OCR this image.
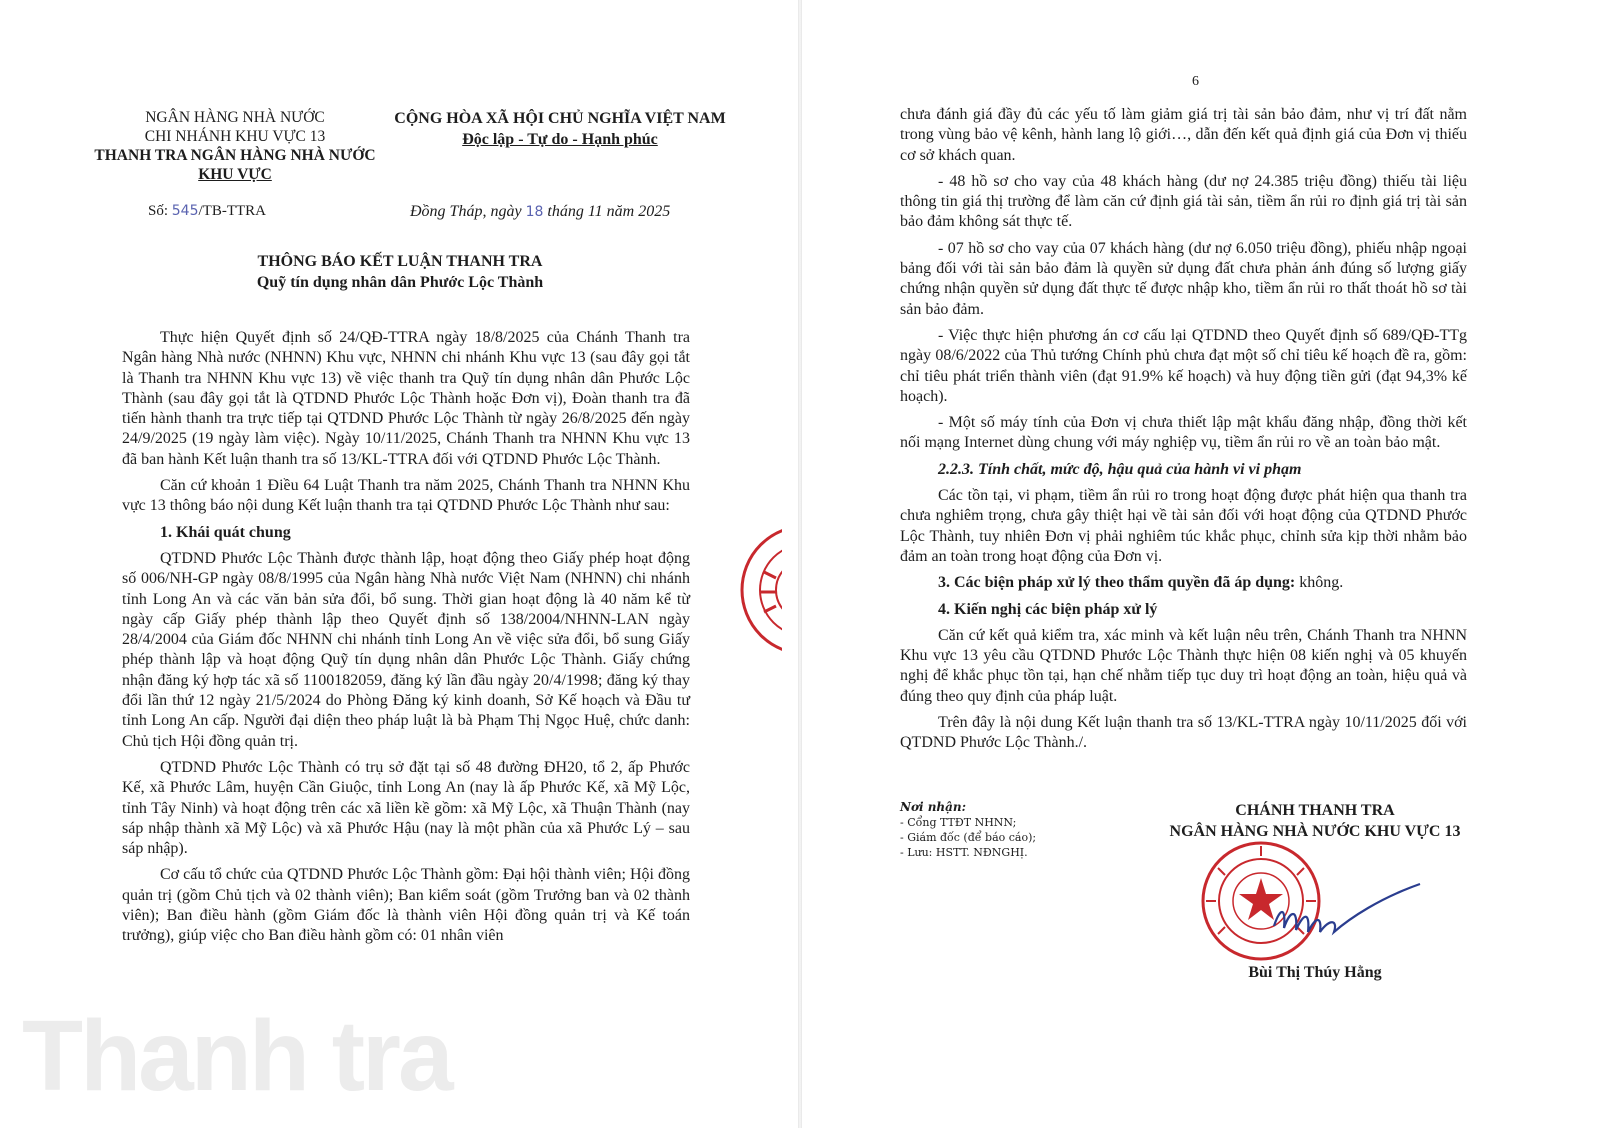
NGÂN HÀNG NHÀ NƯỚC
CHI NHÁNH KHU VỰC 13
THANH TRA NGÂN HÀNG NHÀ NƯỚC
KHU VỰC
CỘNG HÒA XÃ HỘI CHỦ NGHĨA VIỆT NAM
Độc lập - Tự do - Hạnh phúc
Số: 545/TB-TTRA	Đồng Tháp, ngày 18 tháng 11 năm 2025
THÔNG BÁO KẾT LUẬN THANH TRA
Quỹ tín dụng nhân dân Phước Lộc Thành

Thực hiện Quyết định số 24/QĐ-TTRA ngày 18/8/2025 của Chánh Thanh tra Ngân hàng Nhà nước (NHNN) Khu vực, NHNN chi nhánh Khu vực 13 (sau đây gọi tắt là Thanh tra NHNN Khu vực 13) về việc thanh tra Quỹ tín dụng nhân dân Phước Lộc Thành (sau đây gọi tắt là QTDND Phước Lộc Thành hoặc Đơn vị), Đoàn thanh tra đã tiến hành thanh tra trực tiếp tại QTDND Phước Lộc Thành từ ngày 26/8/2025 đến ngày 24/9/2025 (19 ngày làm việc). Ngày 10/11/2025, Chánh Thanh tra NHNN Khu vực 13 đã ban hành Kết luận thanh tra số 13/KL-TTRA đối với QTDND Phước Lộc Thành.

Căn cứ khoản 1 Điều 64 Luật Thanh tra năm 2025, Chánh Thanh tra NHNN Khu vực 13 thông báo nội dung Kết luận thanh tra tại QTDND Phước Lộc Thành như sau:

1. Khái quát chung

QTDND Phước Lộc Thành được thành lập, hoạt động theo Giấy phép hoạt động số 006/NH-GP ngày 08/8/1995 của Ngân hàng Nhà nước Việt Nam (NHNN) chi nhánh tỉnh Long An và các văn bản sửa đổi, bổ sung. Thời gian hoạt động là 40 năm kể từ ngày cấp Giấy phép thành lập theo Quyết định số 138/2004/NHNN-LAN ngày 28/4/2004 của Giám đốc NHNN chi nhánh tỉnh Long An về việc sửa đổi, bổ sung Giấy phép thành lập và hoạt động Quỹ tín dụng nhân dân Phước Lộc Thành. Giấy chứng nhận đăng ký hợp tác xã số 1100182059, đăng ký lần đầu ngày 20/4/1998; đăng ký thay đổi lần thứ 12 ngày 21/5/2024 do Phòng Đăng ký kinh doanh, Sở Kế hoạch và Đầu tư tỉnh Long An cấp. Người đại diện theo pháp luật là bà Phạm Thị Ngọc Huệ, chức danh: Chủ tịch Hội đồng quản trị.

QTDND Phước Lộc Thành có trụ sở đặt tại số 48 đường ĐH20, tổ 2, ấp Phước Kế, xã Phước Lâm, huyện Cần Giuộc, tỉnh Long An (nay là ấp Phước Kế, xã Mỹ Lộc, tỉnh Tây Ninh) và hoạt động trên các xã liền kề gồm: xã Mỹ Lộc, xã Thuận Thành (nay sáp nhập thành xã Mỹ Lộc) và xã Phước Hậu (nay là một phần của xã Phước Lý – sau sáp nhập).

Cơ cấu tổ chức của QTDND Phước Lộc Thành gồm: Đại hội thành viên; Hội đồng quản trị (gồm Chủ tịch và 02 thành viên); Ban kiểm soát (gồm Trưởng ban và 02 thành viên); Ban điều hành (gồm Giám đốc là thành viên Hội đồng quản trị và Kế toán trưởng), giúp việc cho Ban điều hành gồm có: 01 nhân viên

Thanh tra
6

chưa đánh giá đầy đủ các yếu tố làm giảm giá trị tài sản bảo đảm, như vị trí đất nằm trong vùng bảo vệ kênh, hành lang lộ giới…, dẫn đến kết quả định giá của Đơn vị thiếu cơ sở khách quan.

- 48 hồ sơ cho vay của 48 khách hàng (dư nợ 24.385 triệu đồng) thiếu tài liệu thông tin giá thị trường để làm căn cứ định giá tài sản, tiềm ẩn rủi ro định giá trị tài sản bảo đảm không sát thực tế.

- 07 hồ sơ cho vay của 07 khách hàng (dư nợ 6.050 triệu đồng), phiếu nhập ngoại bảng đối với tài sản bảo đảm là quyền sử dụng đất chưa phản ánh đúng số lượng giấy chứng nhận quyền sử dụng đất thực tế được nhập kho, tiềm ẩn rủi ro thất thoát hồ sơ tài sản bảo đảm.

- Việc thực hiện phương án cơ cấu lại QTDND theo Quyết định số 689/QĐ-TTg ngày 08/6/2022 của Thủ tướng Chính phủ chưa đạt một số chỉ tiêu kế hoạch đề ra, gồm: chỉ tiêu phát triển thành viên (đạt 91.9% kế hoạch) và huy động tiền gửi (đạt 94,3% kế hoạch).

- Một số máy tính của Đơn vị chưa thiết lập mật khẩu đăng nhập, đồng thời kết nối mạng Internet dùng chung với máy nghiệp vụ, tiềm ẩn rủi ro về an toàn bảo mật.

2.2.3. Tính chất, mức độ, hậu quả của hành vi vi phạm

Các tồn tại, vi phạm, tiềm ẩn rủi ro trong hoạt động được phát hiện qua thanh tra chưa nghiêm trọng, chưa gây thiệt hại về tài sản đối với hoạt động của QTDND Phước Lộc Thành, tuy nhiên Đơn vị phải nghiêm túc khắc phục, chỉnh sửa kịp thời nhằm bảo đảm an toàn trong hoạt động của Đơn vị.

3. Các biện pháp xử lý theo thẩm quyền đã áp dụng: không.

4. Kiến nghị các biện pháp xử lý

Căn cứ kết quả kiểm tra, xác minh và kết luận nêu trên, Chánh Thanh tra NHNN Khu vực 13 yêu cầu QTDND Phước Lộc Thành thực hiện 08 kiến nghị và 05 khuyến nghị để khắc phục tồn tại, hạn chế nhằm tiếp tục duy trì hoạt động an toàn, hiệu quả và đúng theo quy định của pháp luật.

Trên đây là nội dung Kết luận thanh tra số 13/KL-TTRA ngày 10/11/2025 đối với QTDND Phước Lộc Thành./.

Nơi nhận:
- Cổng TTĐT NHNN;
- Giám đốc (để báo cáo);
- Lưu: HSTT. NĐNGHỊ.
CHÁNH THANH TRA
NGÂN HÀNG NHÀ NƯỚC KHU VỰC 13
Bùi Thị Thúy Hằng
